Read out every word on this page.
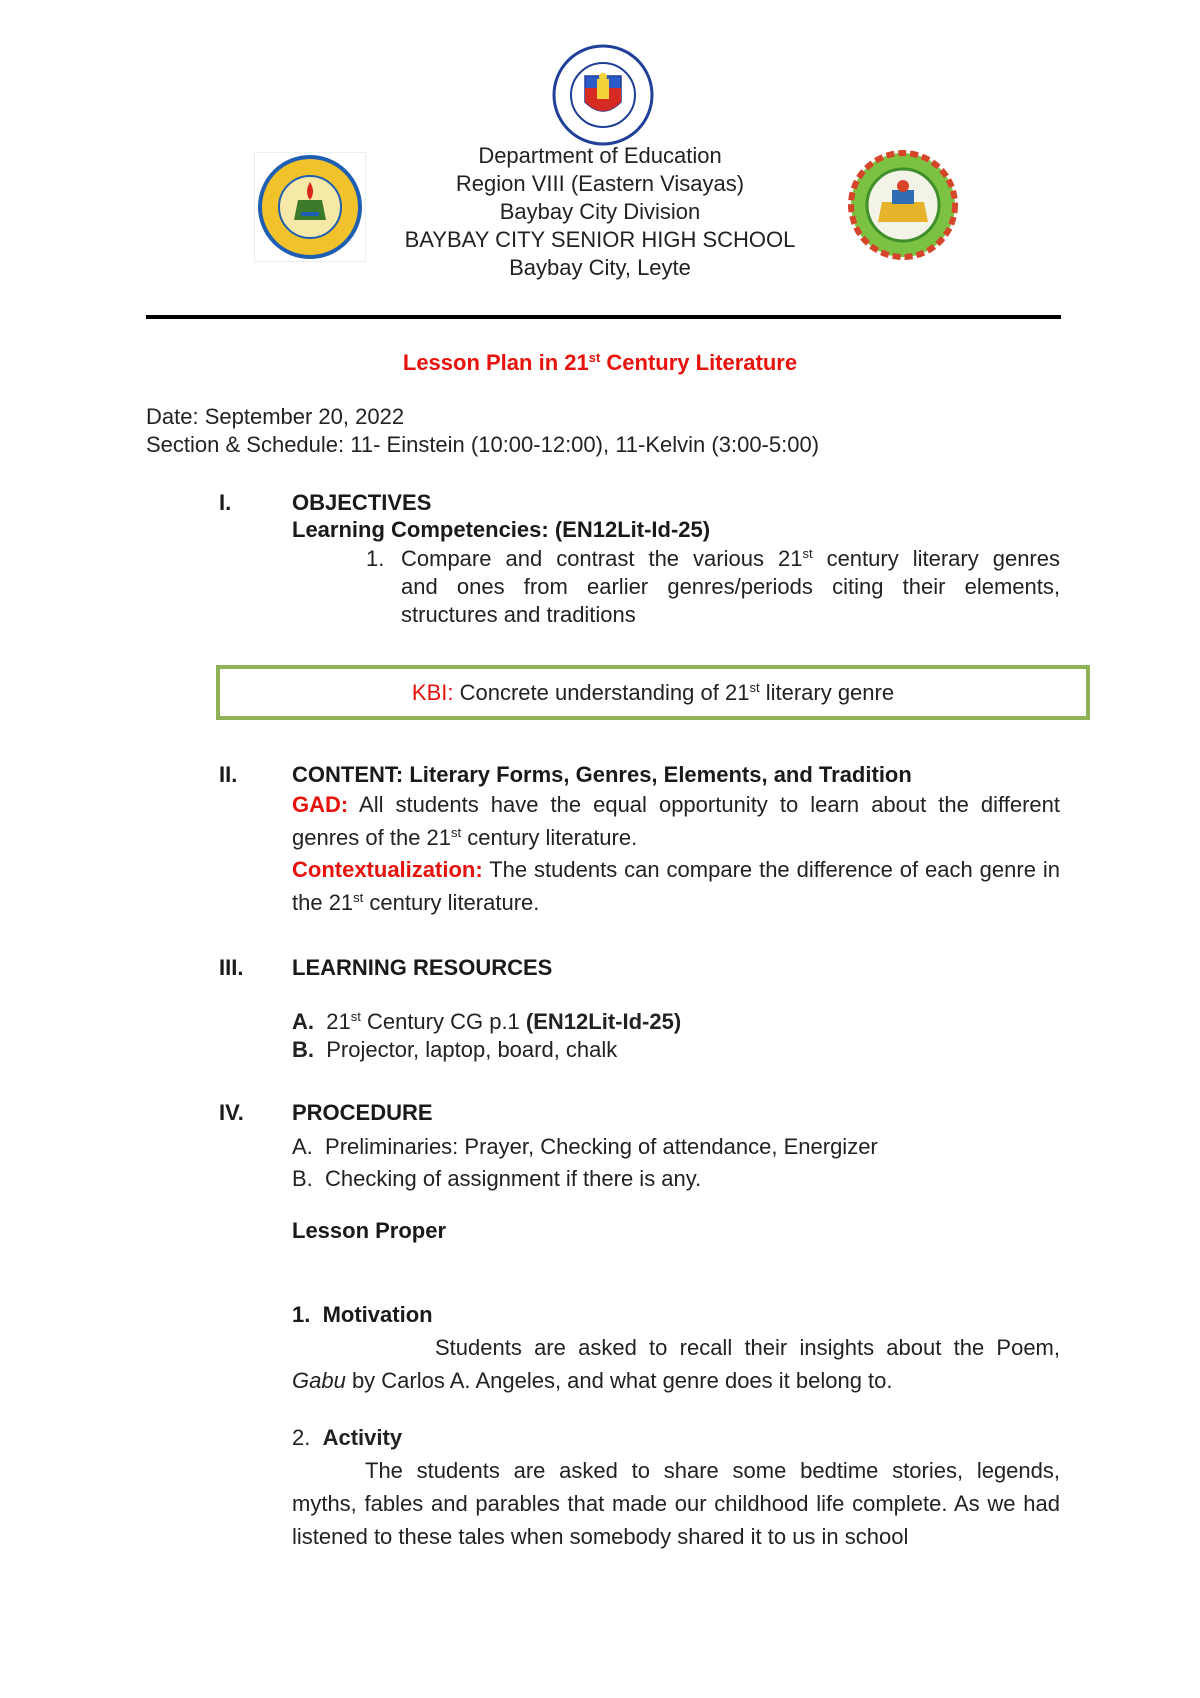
Department of Education
Region VIII (Eastern Visayas)
Baybay City Division
BAYBAY CITY SENIOR HIGH SCHOOL
Baybay City, Leyte
Lesson Plan in 21st Century Literature
Date: September 20, 2022
Section & Schedule: 11- Einstein (10:00-12:00), 11-Kelvin (3:00-5:00)
I.	OBJECTIVES
Learning Competencies: (EN12Lit-Id-25)
1. Compare and contrast the various 21st century literary genres
and ones from earlier genres/periods citing their elements,
structures and traditions
KBI: Concrete understanding of 21st literary genre
II. CONTENT: Literary Forms, Genres, Elements, and Tradition
GAD: All students have the equal opportunity to learn about the different genres of the 21st century literature.
Contextualization: The students can compare the difference of each genre in the 21st century literature.
III. LEARNING RESOURCES
A. 21st Century CG p.1 (EN12Lit-Id-25)
B. Projector, laptop, board, chalk
IV. PROCEDURE
A. Preliminaries: Prayer, Checking of attendance, Energizer
B. Checking of assignment if there is any.
Lesson Proper
1. Motivation
Students are asked to recall their insights about the Poem, Gabu by Carlos A. Angeles, and what genre does it belong to.
2. Activity
The students are asked to share some bedtime stories, legends, myths, fables and parables that made our childhood life complete. As we had listened to these tales when somebody shared it to us in school
